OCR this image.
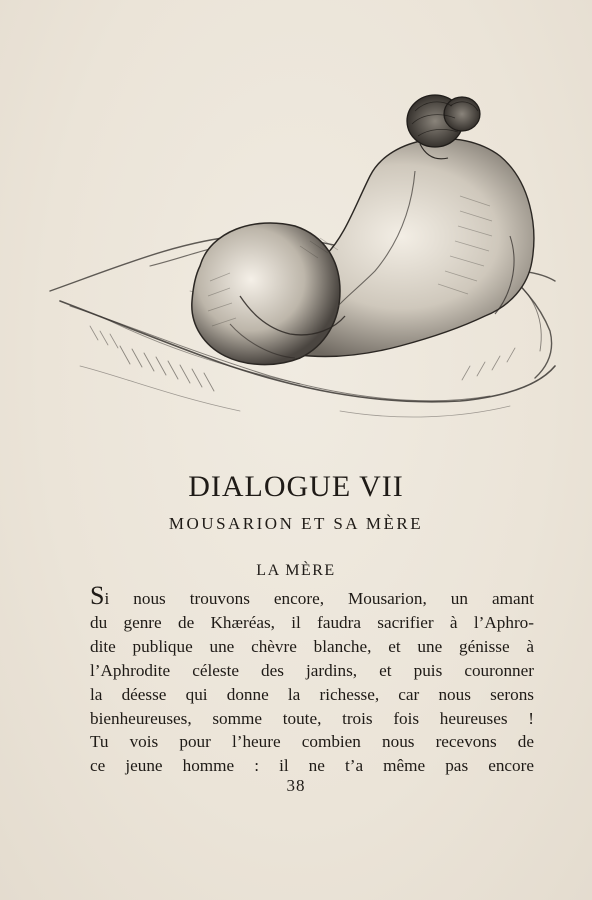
DIALOGUE VII
MOUSARION ET SA MÈRE
LA MÈRE
Si nous trouvons encore, Mousarion, un amant
du genre de Khæréas, il faudra sacrifier à l’Aphro-
dite publique une chèvre blanche, et une génisse à
l’Aphrodite céleste des jardins, et puis couronner
la déesse qui donne la richesse, car nous serons
bienheureuses, somme toute, trois fois heureuses !
Tu vois pour l’heure combien nous recevons de
ce jeune homme : il ne t’a même pas encore
38
